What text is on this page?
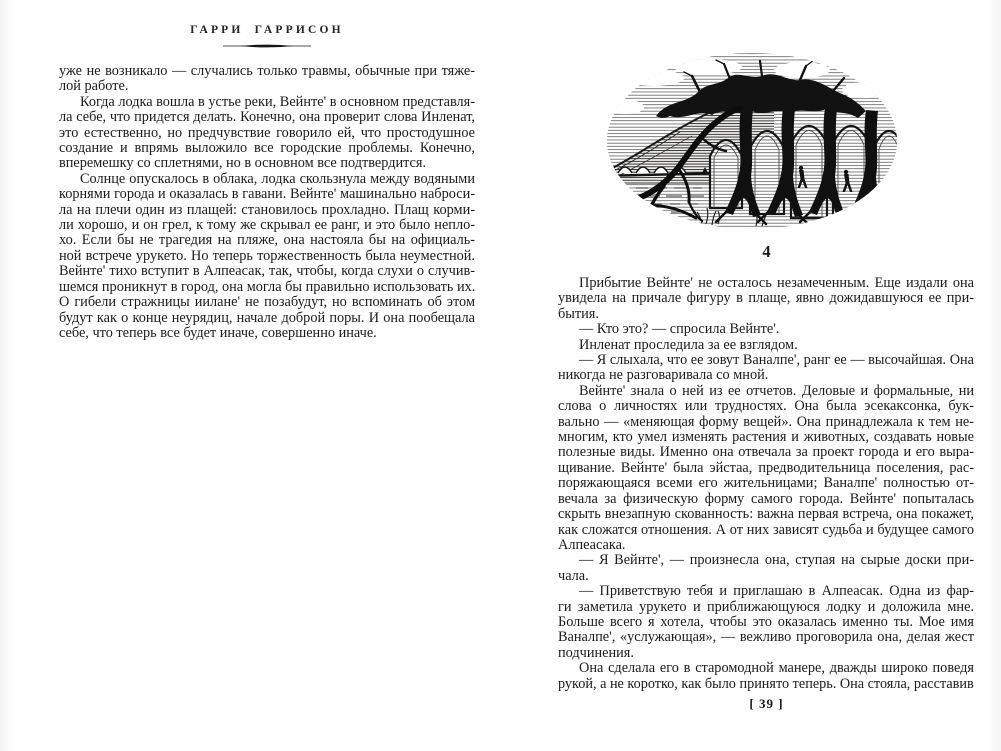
ГАРРИ ГАРРИСОН
уже не возникало — случались только травмы, обычные при тяже-
лой работе.
Когда лодка вошла в устье реки, Вейнте' в основном представля-
ла себе, что придется делать. Конечно, она проверит слова Инленат,
это естественно, но предчувствие говорило ей, что простодушное
создание и впрямь выложило все городские проблемы. Конечно,
вперемешку со сплетнями, но в основном все подтвердится.
Солнце опускалось в облака, лодка скользнула между водяными
корнями города и оказалась в гавани. Вейнте' машинально наброси-
ла на плечи один из плащей: становилось прохладно. Плащ корми-
ли хорошо, и он грел, к тому же скрывал ее ранг, и это было непло-
хо. Если бы не трагедия на пляже, она настояла бы на официаль-
ной встрече урукето. Но теперь торжественность была неуместной.
Вейнте' тихо вступит в Алпеасак, так, чтобы, когда слухи о случив-
шемся проникнут в город, она могла бы правильно использовать их.
О гибели стражницы иилане' не позабудут, но вспоминать об этом
будут как о конце неурядиц, начале доброй поры. И она пообещала
себе, что теперь все будет иначе, совершенно иначе.
4
Прибытие Вейнте' не осталось незамеченным. Еще издали она
увидела на причале фигуру в плаще, явно дожидавшуюся ее при-
бытия.
— Кто это? — спросила Вейнте'.
Инленат проследила за ее взглядом.
— Я слыхала, что ее зовут Ваналпе', ранг ее — высочайшая. Она
никогда не разговаривала со мной.
Вейнте' знала о ней из ее отчетов. Деловые и формальные, ни
слова о личностях или трудностях. Она была эсекаксонка, бук-
вально — «меняющая форму вещей». Она принадлежала к тем не-
многим, кто умел изменять растения и животных, создавать новые
полезные виды. Именно она отвечала за проект города и его выра-
щивание. Вейнте' была эйстаа, предводительница поселения, рас-
поряжающаяся всеми его жительницами; Ваналпе' полностью от-
вечала за физическую форму самого города. Вейнте' попыталась
скрыть внезапную скованность: важна первая встреча, она покажет,
как сложатся отношения. А от них зависят судьба и будущее самого
Алпеасака.
— Я Вейнте', — произнесла она, ступая на сырые доски при-
чала.
— Приветствую тебя и приглашаю в Алпеасак. Одна из фар-
ги заметила урукето и приближающуюся лодку и доложила мне.
Больше всего я хотела, чтобы это оказалась именно ты. Мое имя
Ваналпе', «услужающая», — вежливо проговорила она, делая жест
подчинения.
Она сделала его в старомодной манере, дважды широко поведя
рукой, а не коротко, как было принято теперь. Она стояла, расставив
[ 39 ]
